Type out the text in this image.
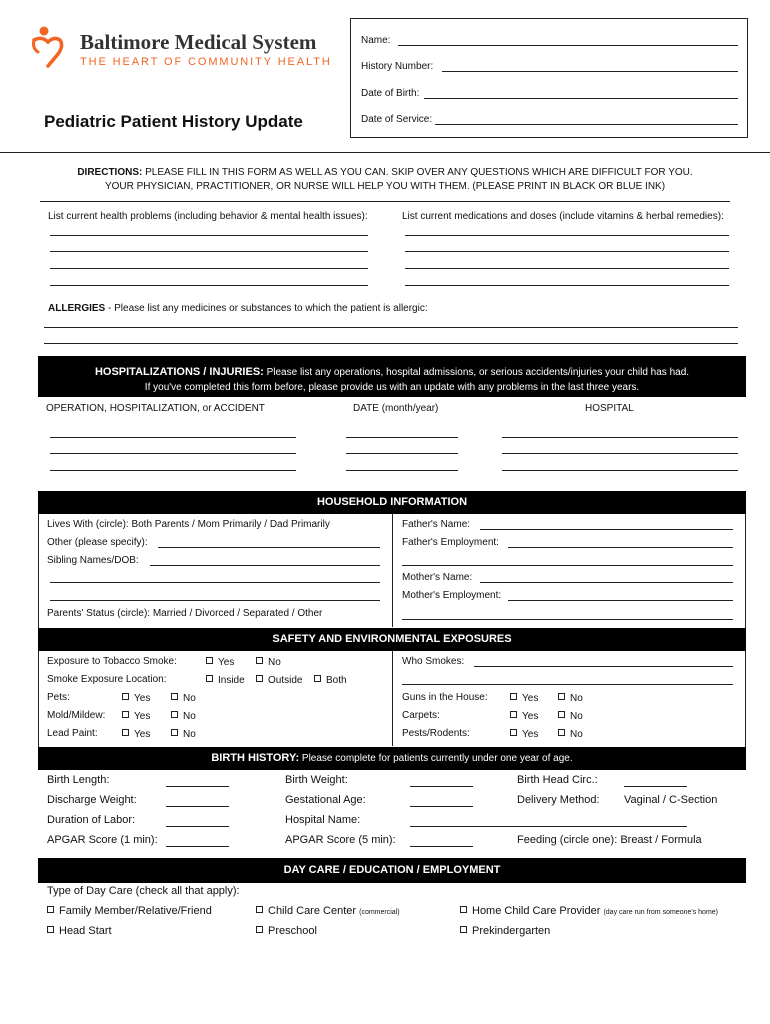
Baltimore Medical System
THE HEART OF COMMUNITY HEALTH
Pediatric Patient History Update
Name:
History Number:
Date of Birth:
Date of Service:
DIRECTIONS: PLEASE FILL IN THIS FORM AS WELL AS YOU CAN. SKIP OVER ANY QUESTIONS WHICH ARE DIFFICULT FOR YOU.
YOUR PHYSICIAN, PRACTITIONER, OR NURSE WILL HELP YOU WITH THEM. (PLEASE PRINT IN BLACK OR BLUE INK)
List current health problems (including behavior & mental health issues):	List current medications and doses (include vitamins & herbal remedies):
ALLERGIES - Please list any medicines or substances to which the patient is allergic:
HOSPITALIZATIONS / INJURIES: Please list any operations, hospital admissions, or serious accidents/injuries your child has had.
If you've completed this form before, please provide us with an update with any problems in the last three years.
OPERATION, HOSPITALIZATION, or ACCIDENT	DATE (month/year)	HOSPITAL
HOUSEHOLD INFORMATION
Lives With (circle): Both Parents / Mom Primarily / Dad Primarily
Other (please specify):
Sibling Names/DOB:
Parents' Status (circle): Married / Divorced / Separated / Other
Father's Name:
Father's Employment:
Mother's Name:
Mother's Employment:
SAFETY AND ENVIRONMENTAL EXPOSURES
Exposure to Tobacco Smoke:	Yes	No
Smoke Exposure Location:	Inside	Outside	Both
Pets:	Yes	No
Mold/Mildew:	Yes	No
Lead Paint:	Yes	No
Who Smokes:
Guns in the House:	Yes	No
Carpets:	Yes	No
Pests/Rodents:	Yes	No
BIRTH HISTORY: Please complete for patients currently under one year of age.
Birth Length:	Birth Weight:	Birth Head Circ.:
Discharge Weight:	Gestational Age:	Delivery Method: Vaginal / C-Section
Duration of Labor:	Hospital Name:
APGAR Score (1 min):	APGAR Score (5 min):	Feeding (circle one): Breast / Formula
DAY CARE / EDUCATION / EMPLOYMENT
Type of Day Care (check all that apply):
Family Member/Relative/Friend	Child Care Center (commercial)	Home Child Care Provider (day care run from someone's home)
Head Start	Preschool	Prekindergarten
